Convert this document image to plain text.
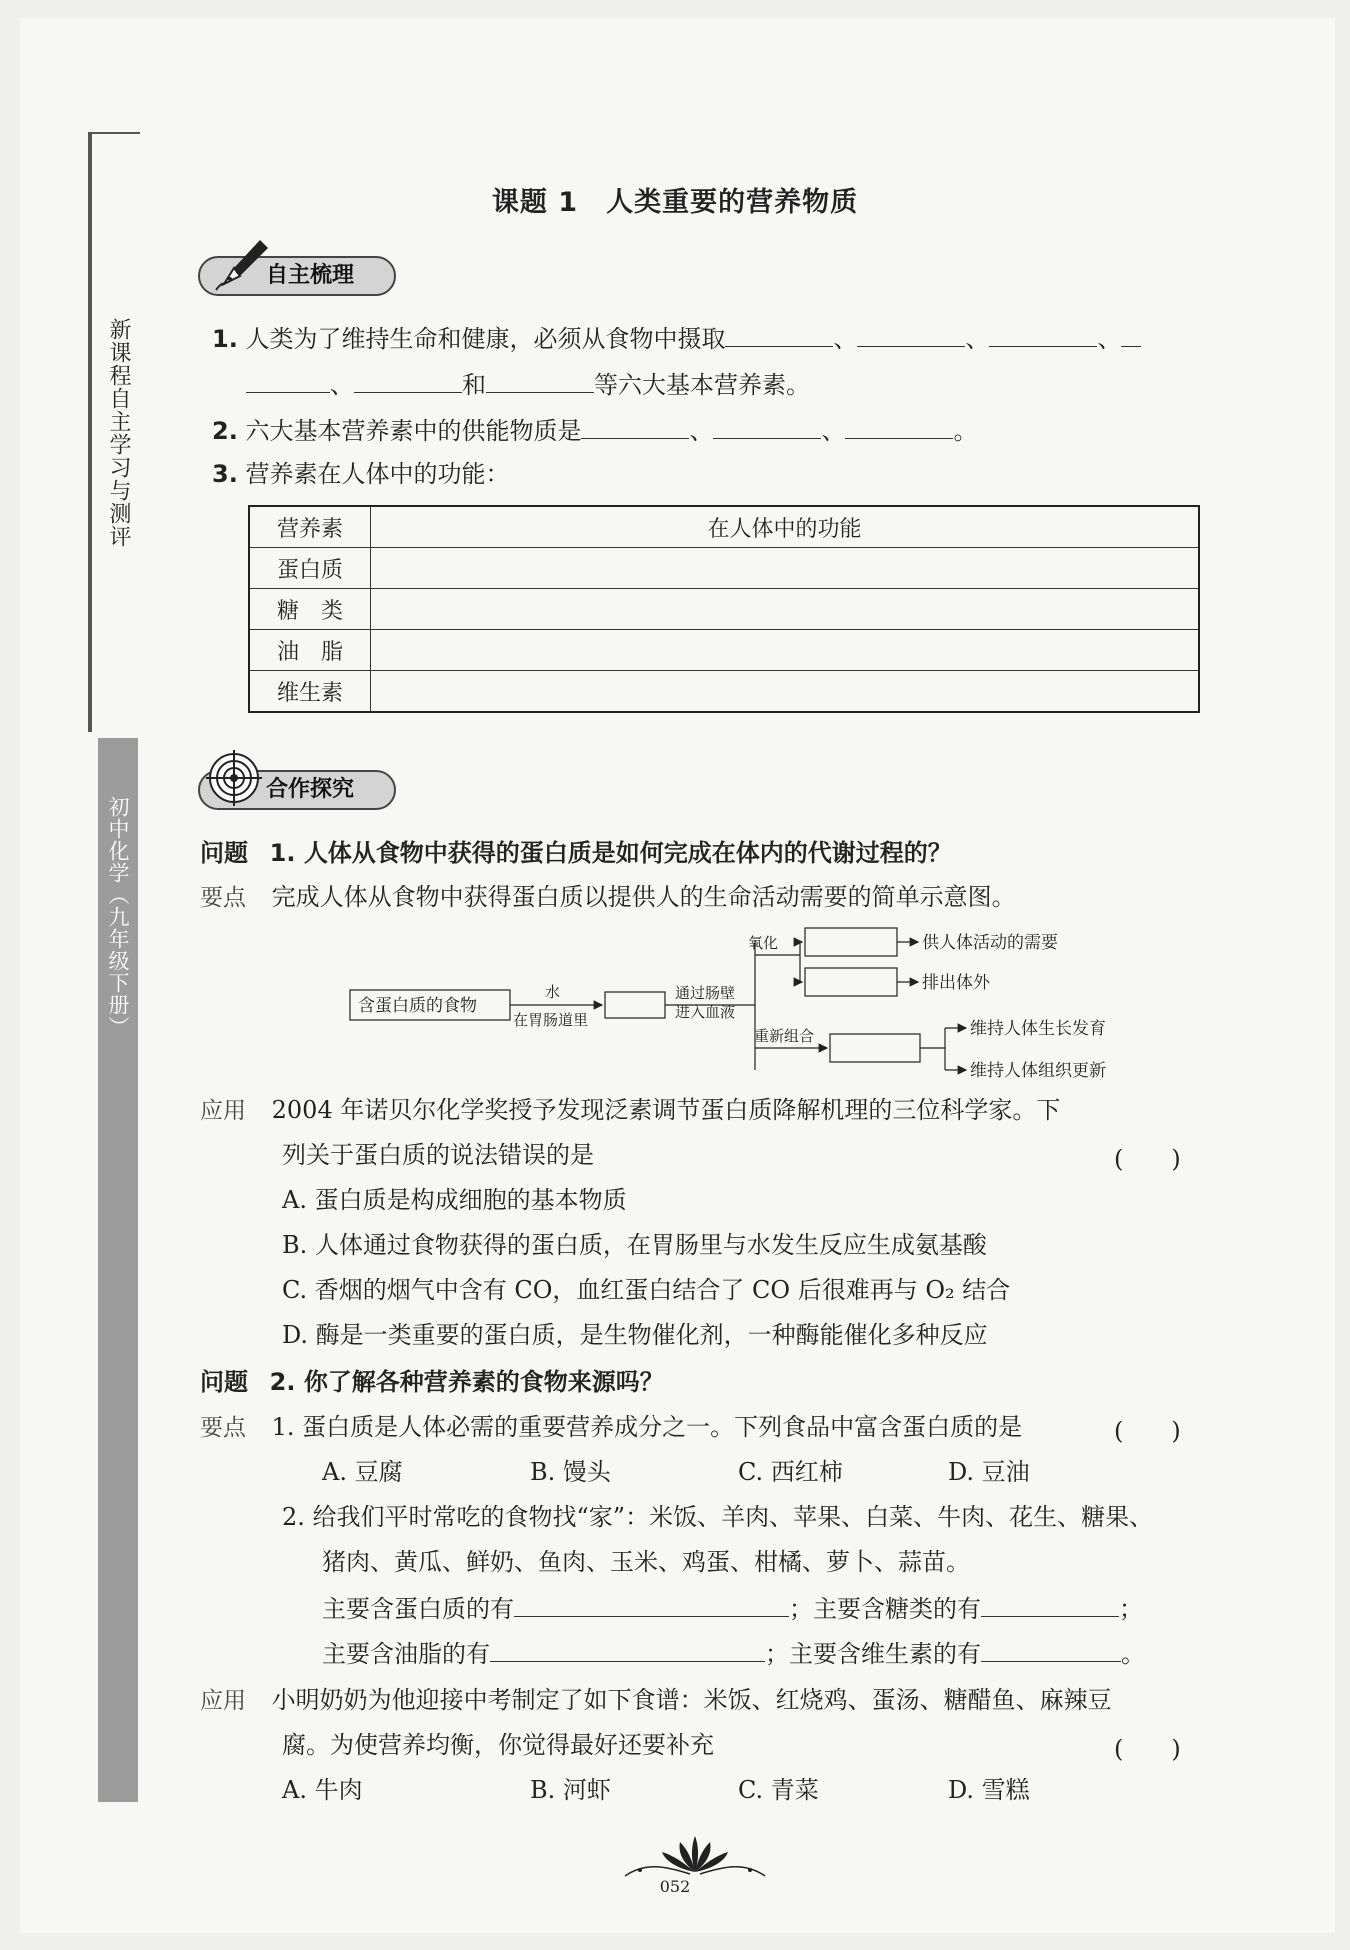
新课程自主学习与测评
初中化学（九年级下册）
课题 1　人类重要的营养物质
自主梳理
1. 人类为了维持生命和健康，必须从食物中摄取	、	、	、
、	和	等六大基本营养素。
2. 六大基本营养素中的供能物质是	、	、	。
3. 营养素在人体中的功能：
营养素	在人体中的功能
蛋白质	
糖　类	
油　脂	
维生素	
合作探究
问题 1. 人体从食物中获得的蛋白质是如何完成在体内的代谢过程的？
要点 完成人体从食物中获得蛋白质以提供人的生命活动需要的简单示意图。
含蛋白质的食物
水
在胃肠道里
通过肠壁
进入血液
氧化	供人体活动的需要
排出体外
重新组合	维持人体生长发育
维持人体组织更新
应用 2004 年诺贝尔化学奖授予发现泛素调节蛋白质降解机理的三位科学家。下
列关于蛋白质的说法错误的是	(　　)
A. 蛋白质是构成细胞的基本物质
B. 人体通过食物获得的蛋白质，在胃肠里与水发生反应生成氨基酸
C. 香烟的烟气中含有 CO，血红蛋白结合了 CO 后很难再与 O₂ 结合
D. 酶是一类重要的蛋白质，是生物催化剂，一种酶能催化多种反应
问题 2. 你了解各种营养素的食物来源吗？
要点 1. 蛋白质是人体必需的重要营养成分之一。下列食品中富含蛋白质的是	(　　)
A. 豆腐	B. 馒头	C. 西红柿	D. 豆油
2. 给我们平时常吃的食物找“家”：米饭、羊肉、苹果、白菜、牛肉、花生、糖果、
猪肉、黄瓜、鲜奶、鱼肉、玉米、鸡蛋、柑橘、萝卜、蒜苗。
主要含蛋白质的有	；主要含糖类的有	；
主要含油脂的有	；主要含维生素的有	。
应用 小明奶奶为他迎接中考制定了如下食谱：米饭、红烧鸡、蛋汤、糖醋鱼、麻辣豆
腐。为使营养均衡，你觉得最好还要补充	(　　)
A. 牛肉	B. 河虾	C. 青菜	D. 雪糕
052
